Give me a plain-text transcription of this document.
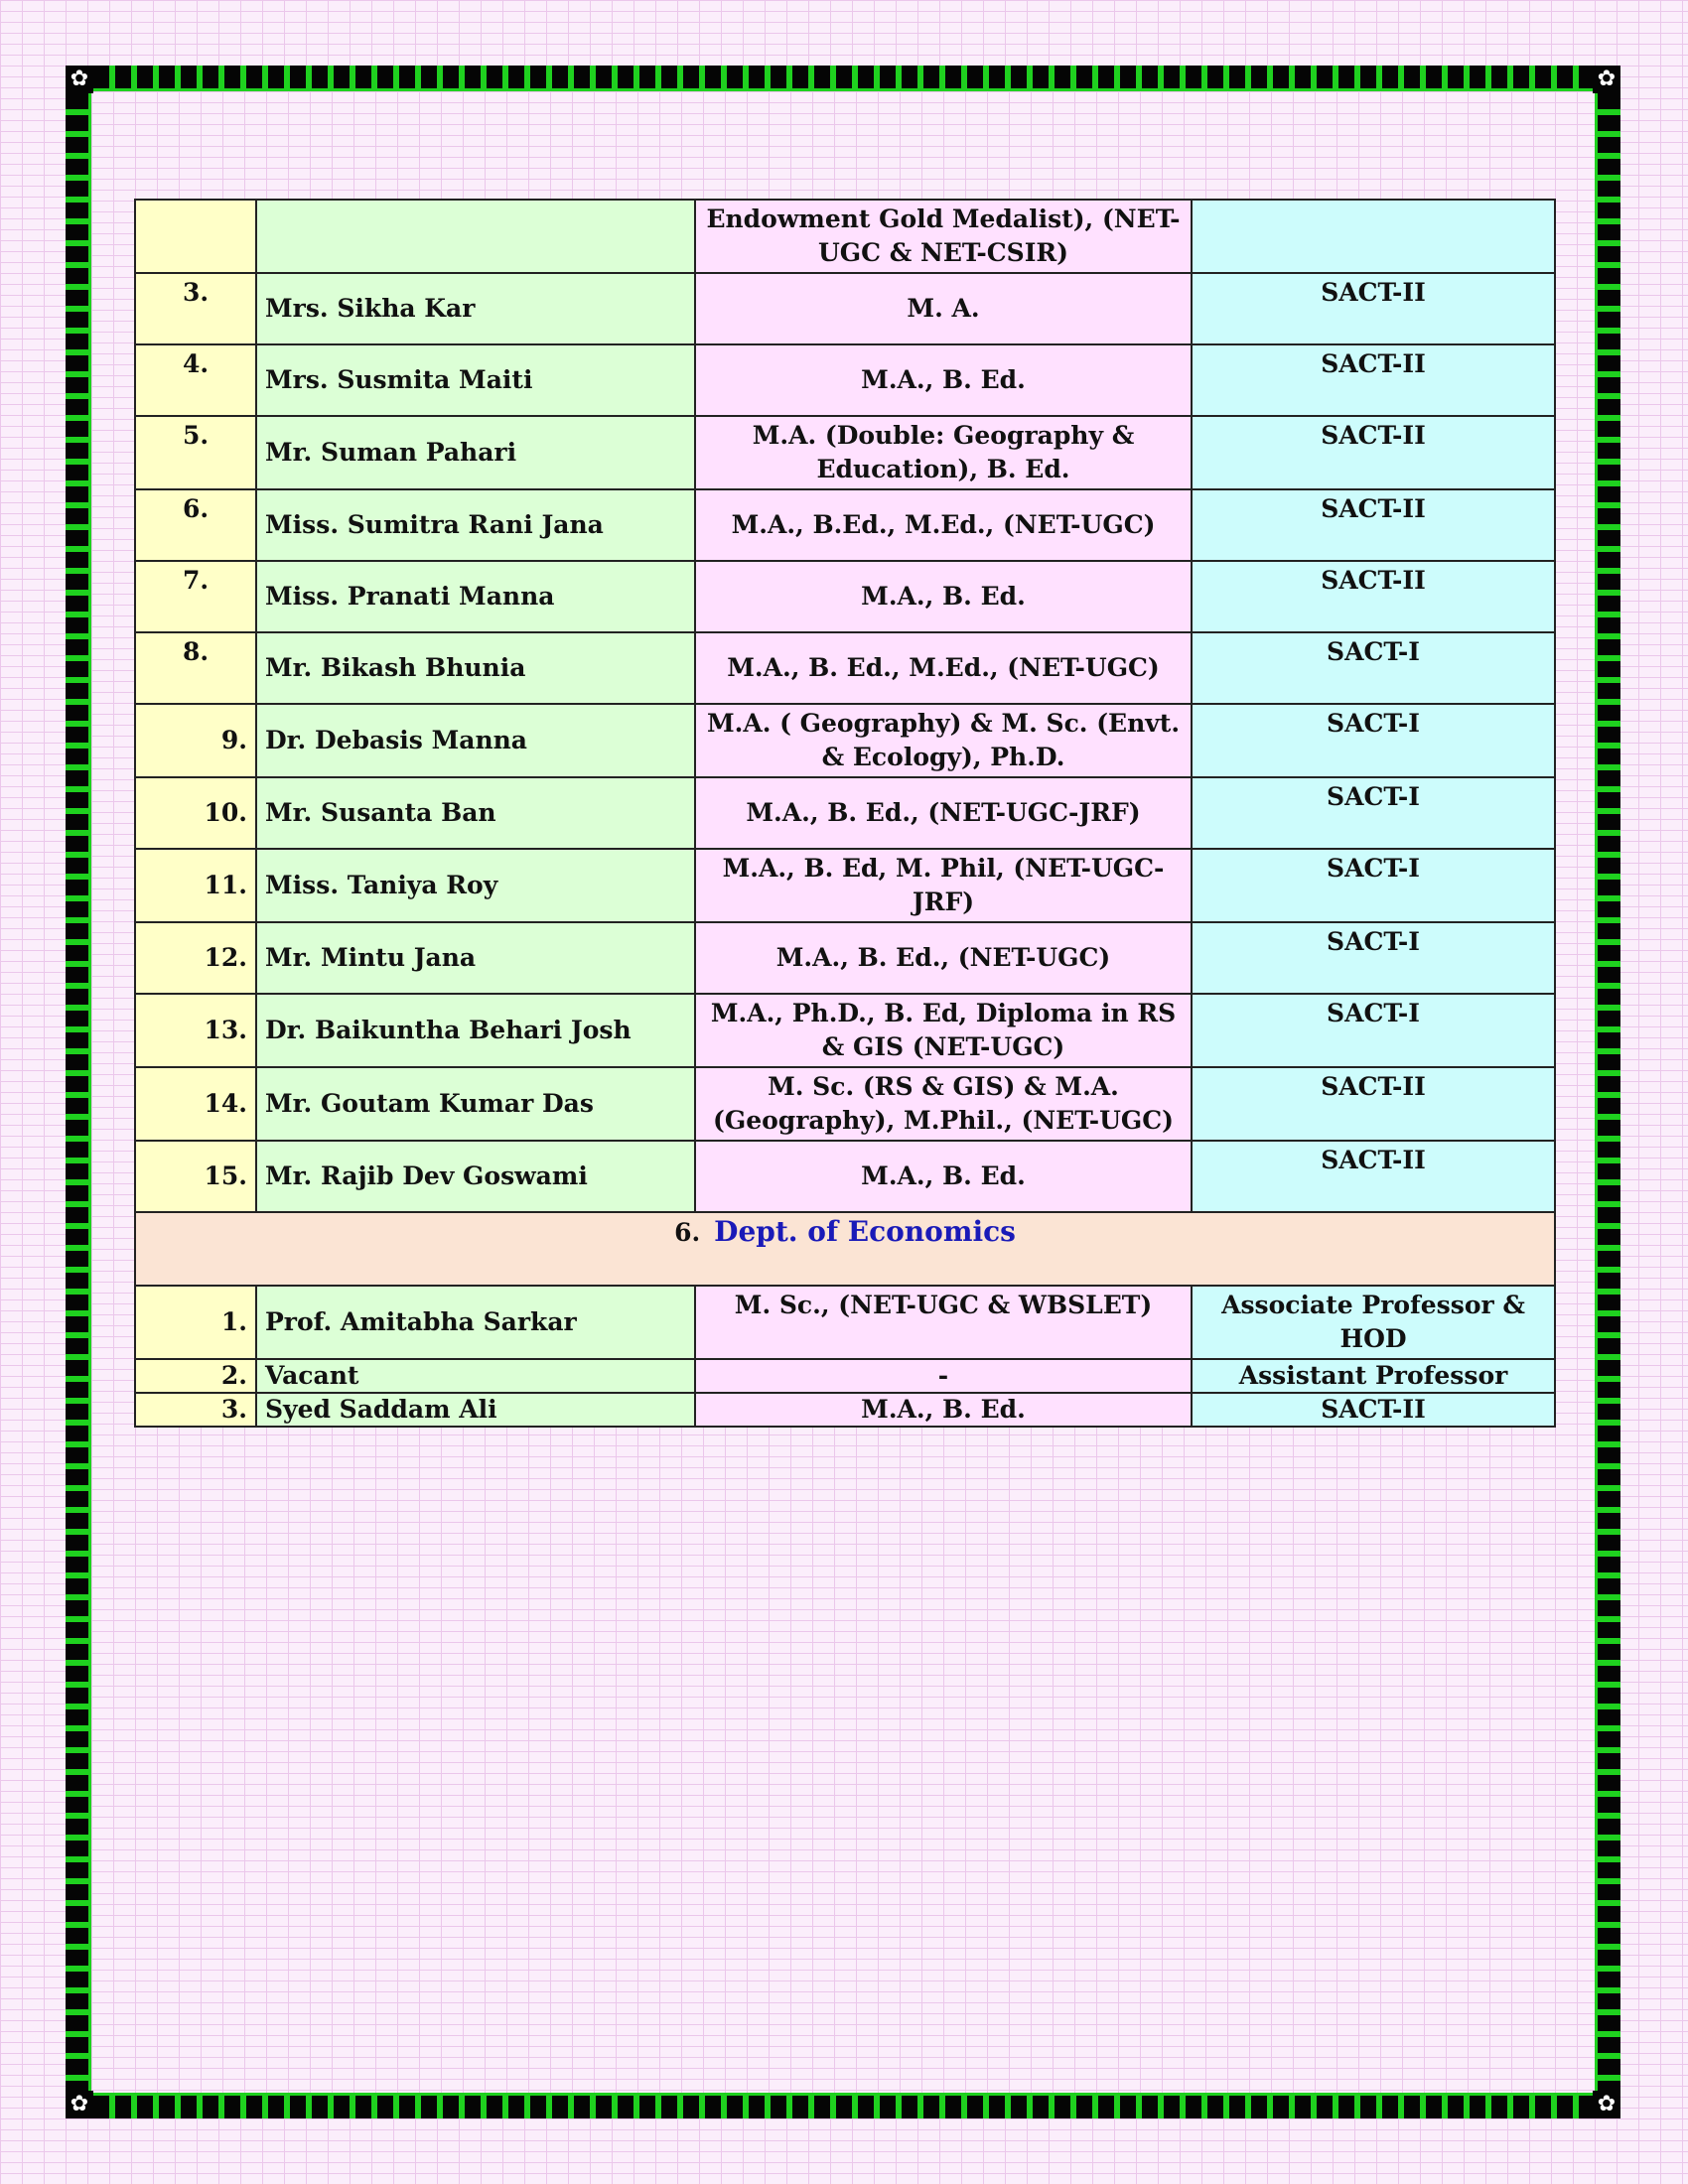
✿	✿
✿	✿
		Endowment Gold Medalist), (NET-UGC & NET-CSIR)	
3.	Mrs. Sikha Kar	M. A.	SACT-II
4.	Mrs. Susmita Maiti	M.A., B. Ed.	SACT-II
5.	Mr. Suman Pahari	M.A. (Double: Geography & Education), B. Ed.	SACT-II
6.	Miss. Sumitra Rani Jana	M.A., B.Ed., M.Ed., (NET-UGC)	SACT-II
7.	Miss. Pranati Manna	M.A., B. Ed.	SACT-II
8.	Mr. Bikash Bhunia	M.A., B. Ed., M.Ed., (NET-UGC)	SACT-I
9.	Dr. Debasis Manna	M.A. ( Geography) & M. Sc. (Envt. & Ecology), Ph.D.	SACT-I
10.	Mr. Susanta Ban	M.A., B. Ed., (NET-UGC-JRF)	SACT-I
11.	Miss. Taniya Roy	M.A., B. Ed, M. Phil, (NET-UGC-JRF)	SACT-I
12.	Mr. Mintu Jana	M.A., B. Ed., (NET-UGC)	SACT-I
13.	Dr. Baikuntha Behari Josh	M.A., Ph.D., B. Ed, Diploma in RS & GIS (NET-UGC)	SACT-I
14.	Mr. Goutam Kumar Das	M. Sc. (RS & GIS) & M.A. (Geography), M.Phil., (NET-UGC)	SACT-II
15.	Mr. Rajib Dev Goswami	M.A., B. Ed.	SACT-II
6. Dept. of Economics			
1.	Prof. Amitabha Sarkar	M. Sc., (NET-UGC & WBSLET)	Associate Professor & HOD
2.	Vacant	-	Assistant Professor
3.	Syed Saddam Ali	M.A., B. Ed.	SACT-II
